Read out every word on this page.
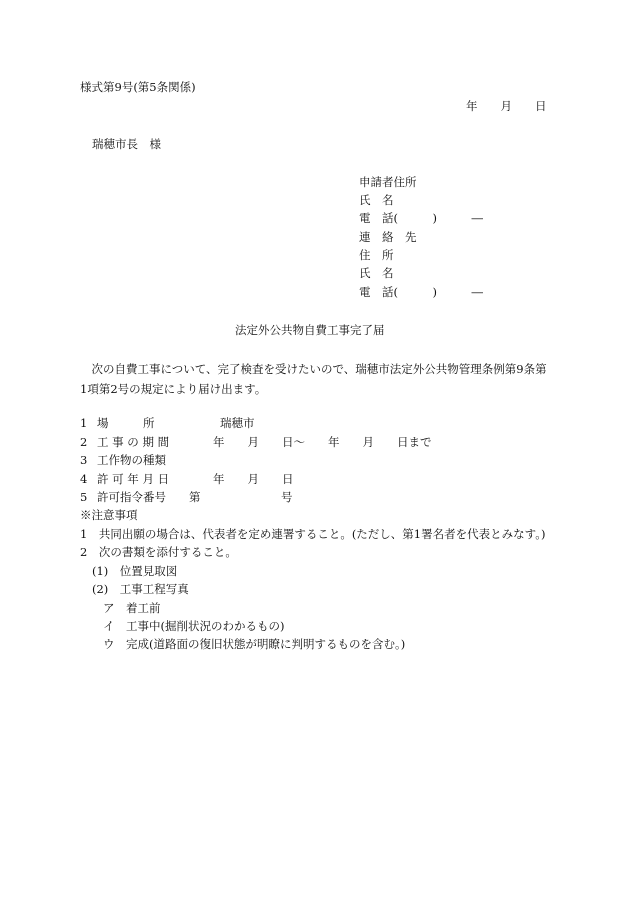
様式第9号(第5条関係)
年　　月　　日
瑞穂市長　様
申請者住所
氏　名
電　話(　　　)　　　―
連　絡　先
住　所
氏　名
電　話(　　　)　　　―
法定外公共物自費工事完了届
　次の自費工事について、完了検査を受けたいので、瑞穂市法定外公共物管理条例第9条第1項第2号の規定により届け出ます。
1 場　　　所	瑞穂市
2 工 事 の 期 間	年　　月　　日～　　年　　月　　日まで
3 工作物の種類
4 許 可 年 月 日	年　　月　　日
5 許可指令番号 第　　　　　　　号
※注意事項
1　共同出願の場合は、代表者を定め連署すること。(ただし、第1署名者を代表とみなす。)
2　次の書類を添付すること。
(1)　位置見取図
(2)　工事工程写真
ア　着工前
イ　工事中(掘削状況のわかるもの)
ウ　完成(道路面の復旧状態が明瞭に判明するものを含む。)
